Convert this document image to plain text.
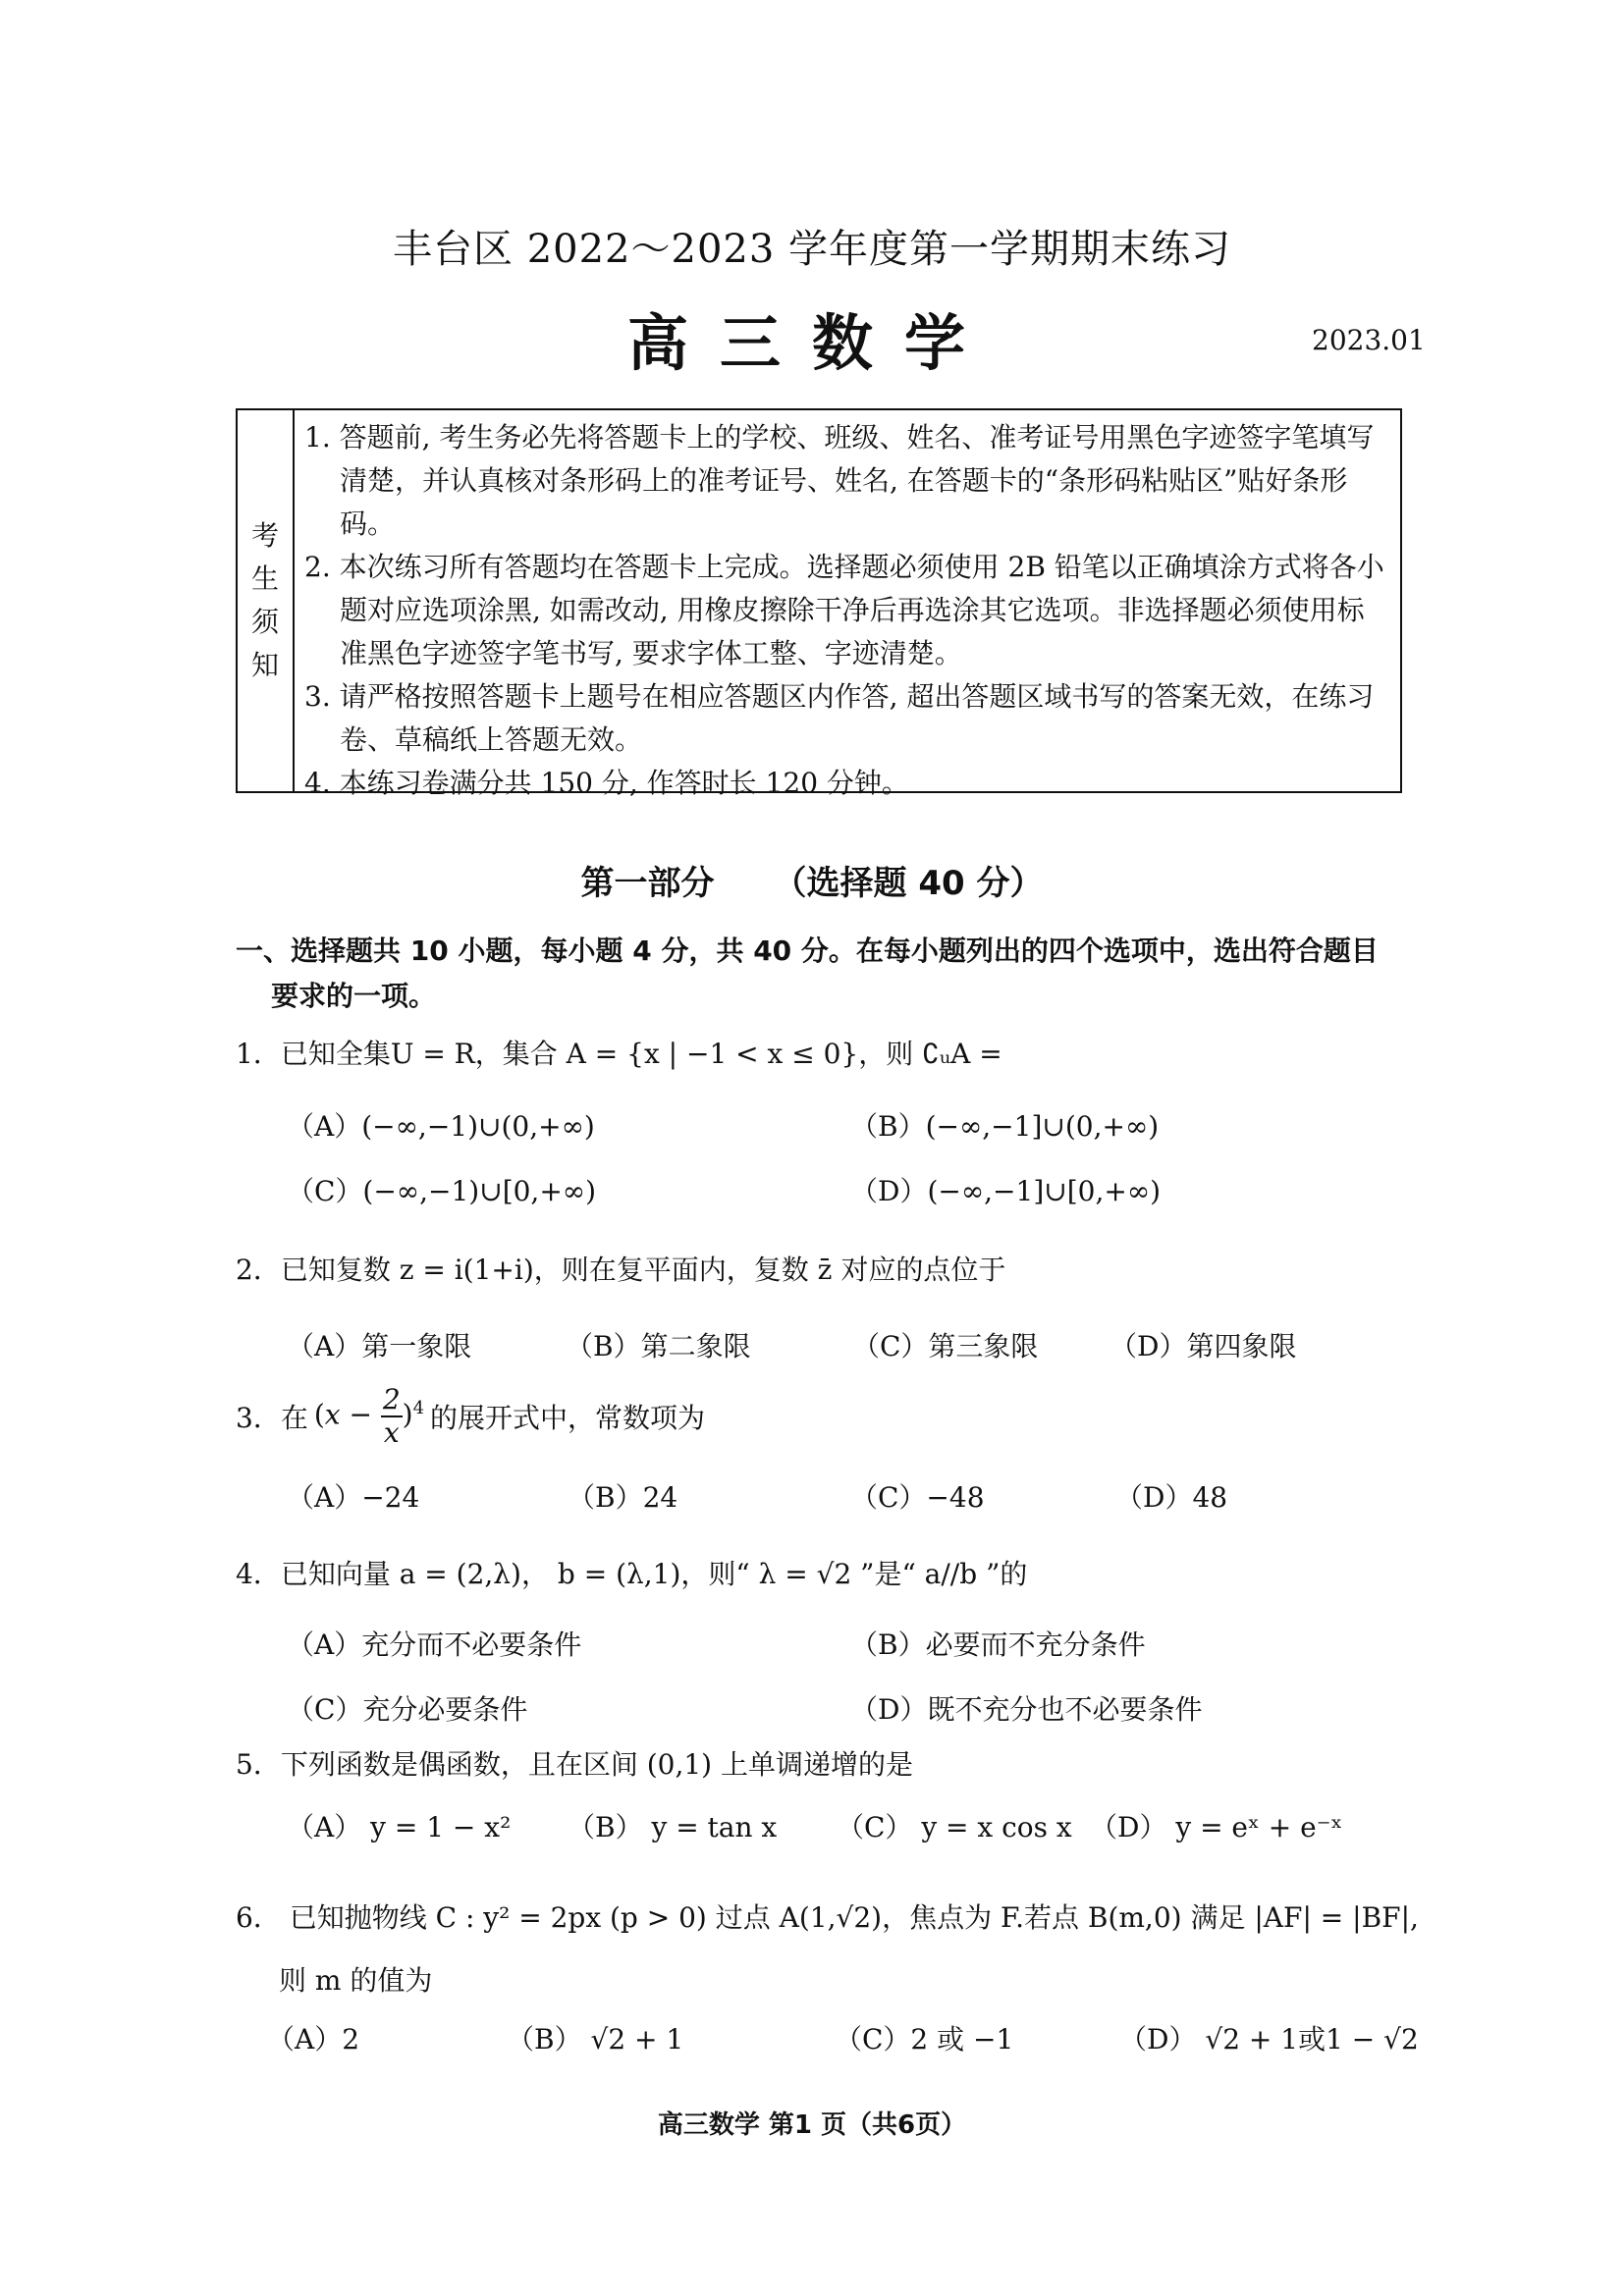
丰台区 2022～2023 学年度第一学期期末练习
高三数学	2023.01
考
生
须
知
1. 答题前, 考生务必先将答题卡上的学校、班级、姓名、准考证号用黑色字迹签字笔填写清楚，并认真核对条形码上的准考证号、姓名, 在答题卡的“条形码粘贴区”贴好条形码。
2. 本次练习所有答题均在答题卡上完成。选择题必须使用 2B 铅笔以正确填涂方式将各小题对应选项涂黑, 如需改动, 用橡皮擦除干净后再选涂其它选项。非选择题必须使用标准黑色字迹签字笔书写, 要求字体工整、字迹清楚。
3. 请严格按照答题卡上题号在相应答题区内作答, 超出答题区域书写的答案无效，在练习卷、草稿纸上答题无效。
4. 本练习卷满分共 150 分, 作答时长 120 分钟。
第一部分 （选择题 40 分）
一、选择题共 10 小题，每小题 4 分，共 40 分。在每小题列出的四个选项中，选出符合题目要求的一项。
1．已知全集U = R，集合 A = {x | −1 < x ≤ 0}，则 ∁ᵤA =
（A）(−∞,−1)∪(0,+∞)	（B）(−∞,−1]∪(0,+∞)
（C）(−∞,−1)∪[0,+∞)	（D）(−∞,−1]∪[0,+∞)
2．已知复数 z = i(1+i)，则在复平面内，复数 z̄ 对应的点位于
（A）第一象限	（B）第二象限	（C）第三象限	（D）第四象限
3．在 $(x - \frac{2}{x} )^4$ 的展开式中，常数项为
（A）−24	（B）24	（C）−48	（D）48
4．已知向量 a = (2,λ)， b = (λ,1)，则“ λ = √2 ”是“ a//b ”的
（A）充分而不必要条件	（B）必要而不充分条件
（C）充分必要条件	（D）既不充分也不必要条件
5．下列函数是偶函数，且在区间 (0,1) 上单调递增的是
（A） y = 1 − x² （B） y = tan x （C） y = x cos x （D） y = eˣ + e⁻ˣ
6． 已知抛物线 C : y² = 2px (p > 0) 过点 A(1,√2)，焦点为 F.若点 B(m,0) 满足 |AF| = |BF|,
则 m 的值为
（A）2	（B） √2 + 1	（C）2 或 −1	（D） √2 + 1或1 − √2
高三数学 第1 页（共6页）
